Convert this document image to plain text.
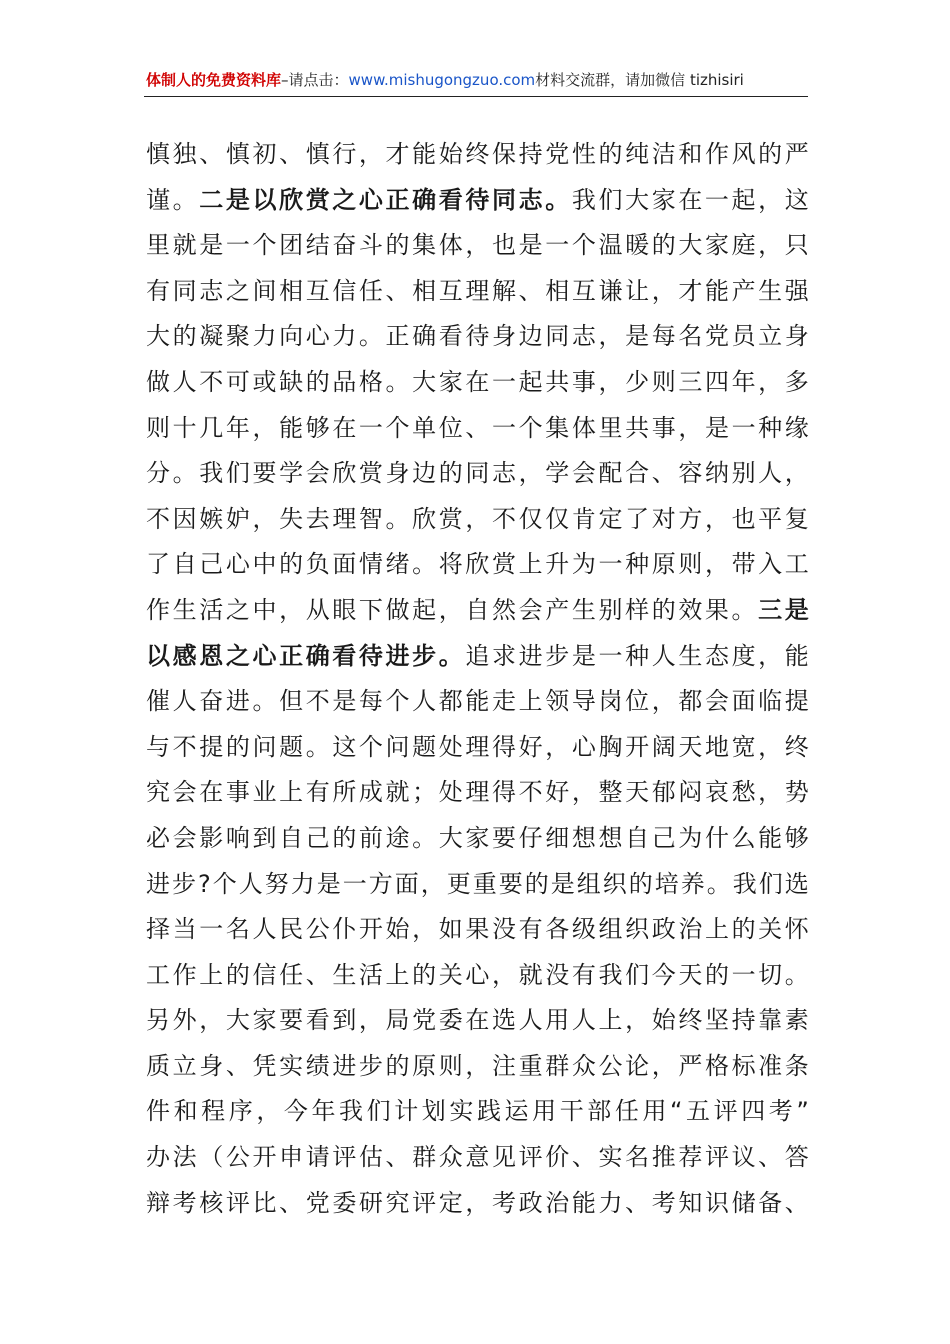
体制人的免费资料库–请点击：www.mishugongzuo.com材料交流群，请加微信 tizhisiri
慎独、慎初、慎行，才能始终保持党性的纯洁和作风的严
谨。二是以欣赏之心正确看待同志。我们大家在一起，这
里就是一个团结奋斗的集体，也是一个温暖的大家庭，只
有同志之间相互信任、相互理解、相互谦让，才能产生强
大的凝聚力向心力。正确看待身边同志，是每名党员立身
做人不可或缺的品格。大家在一起共事，少则三四年，多
则十几年，能够在一个单位、一个集体里共事，是一种缘
分。我们要学会欣赏身边的同志，学会配合、容纳别人，
不因嫉妒，失去理智。欣赏，不仅仅肯定了对方，也平复
了自己心中的负面情绪。将欣赏上升为一种原则，带入工
作生活之中，从眼下做起，自然会产生别样的效果。三是
以感恩之心正确看待进步。追求进步是一种人生态度，能
催人奋进。但不是每个人都能走上领导岗位，都会面临提
与不提的问题。这个问题处理得好，心胸开阔天地宽，终
究会在事业上有所成就；处理得不好，整天郁闷哀愁，势
必会影响到自己的前途。大家要仔细想想自己为什么能够
进步?个人努力是一方面，更重要的是组织的培养。我们选
择当一名人民公仆开始，如果没有各级组织政治上的关怀
工作上的信任、生活上的关心，就没有我们今天的一切。
另外，大家要看到，局党委在选人用人上，始终坚持靠素
质立身、凭实绩进步的原则，注重群众公论，严格标准条
件和程序，今年我们计划实践运用干部任用“五评四考”
办法（公开申请评估、群众意见评价、实名推荐评议、答
辩考核评比、党委研究评定，考政治能力、考知识储备、
